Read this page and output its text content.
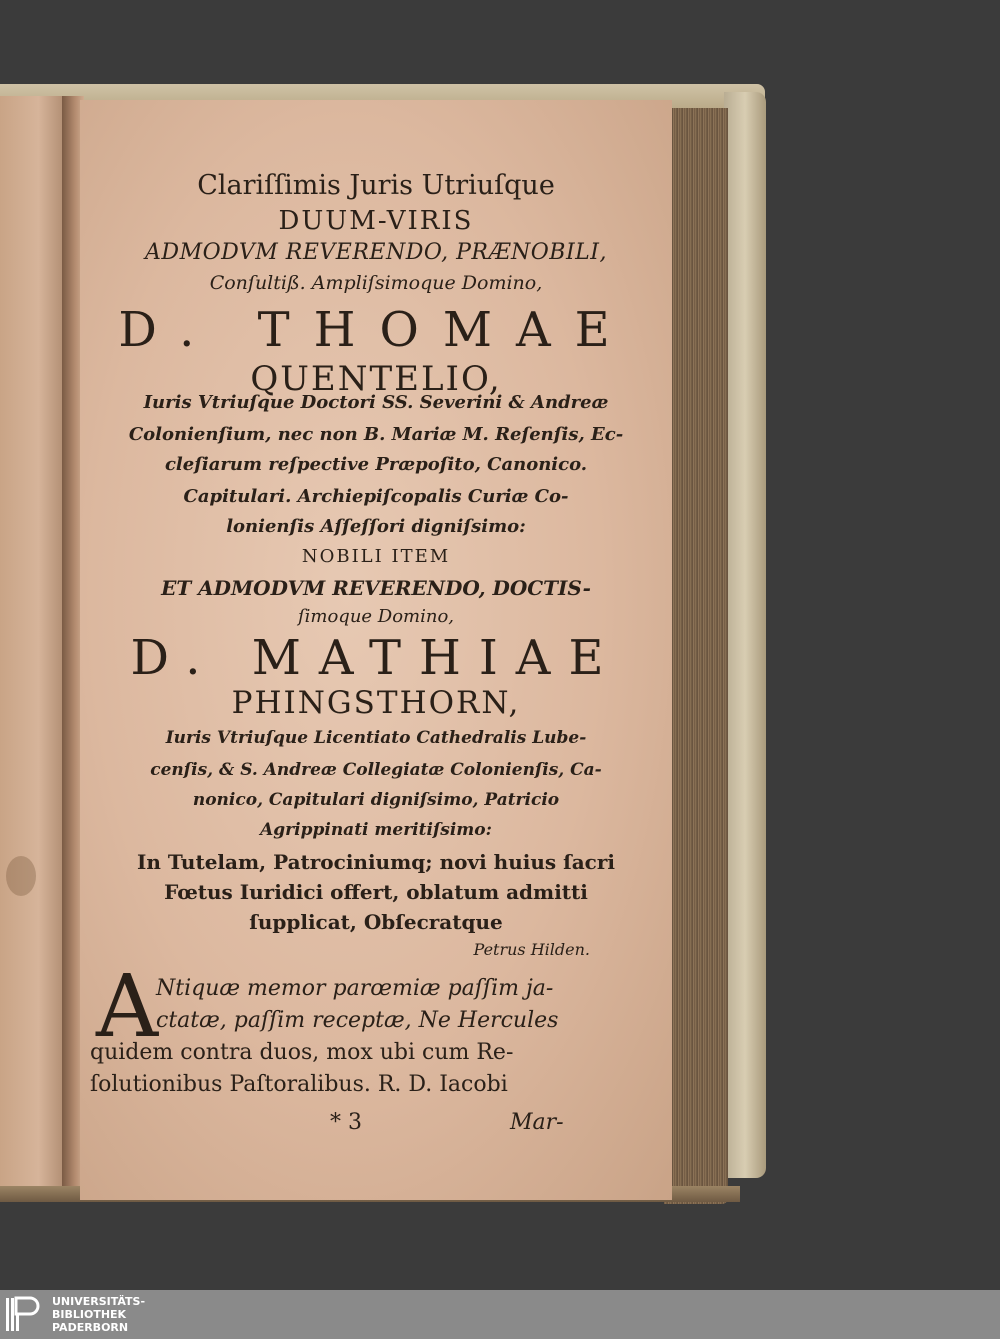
Clariſſimis Juris Utriuſque
DUUM-VIRIS
ADMODVM REVERENDO, PRÆNOBILI,
Conſultiß. Ampliſsimoque Domino,
D. THOMAE
QUENTELIO,
Iuris Vtriuſque Doctori SS. Severini & Andreæ
Colonienſium, nec non B. Mariæ M. Reſenſis, Ec-
cleſiarum reſpective Præpoſito, Canonico.
Capitulari. Archiepiſcopalis Curiæ Co-
lonienſis Aſſeſſori digniſsimo:
NOBILI ITEM
ET ADMODVM REVERENDO, DOCTIS-
ſimoque Domino,
D. MATHIAE
PHINGSTHORN,
Iuris Vtriuſque Licentiato Cathedralis Lube-
cenſis, & S. Andreæ Collegiatæ Colonienſis, Ca-
nonico, Capitulari digniſsimo, Patricio
Agrippinati meritiſsimo:
In Tutelam, Patrociniumq; novi huius ſacri
Fœtus Iuridici offert, oblatum admitti
ſupplicat, Obſecratque
Petrus Hilden.
A
Ntiquæ memor parœmiæ paſſim ja-
ctatæ, paſſim receptæ, Ne Hercules
quidem contra duos, mox ubi cum Re-
ſolutionibus Paſtoralibus. R. D. Iacobi
* 3	Mar-
UNIVERSITÄTS-
BIBLIOTHEK
PADERBORN
